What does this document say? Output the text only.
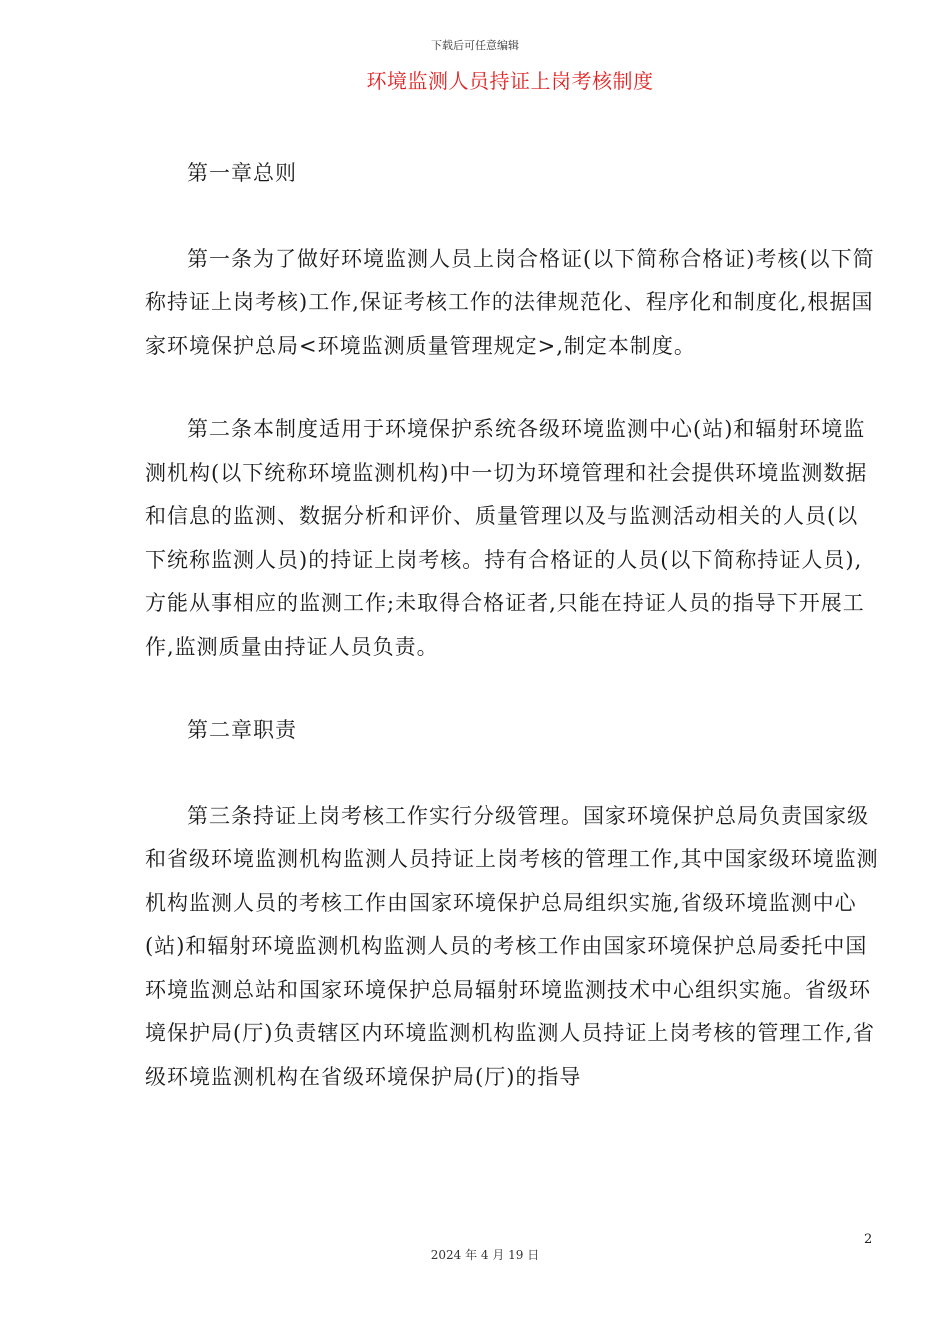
下载后可任意编辑
环境监测人员持证上岗考核制度

第一章总则

第一条为了做好环境监测人员上岗合格证(以下简称合格证)考核(以下简称持证上岗考核)工作,保证考核工作的法律规范化、程序化和制度化,根据国家环境保护总局<环境监测质量管理规定>,制定本制度。

第二条本制度适用于环境保护系统各级环境监测中心(站)和辐射环境监测机构(以下统称环境监测机构)中一切为环境管理和社会提供环境监测数据和信息的监测、数据分析和评价、质量管理以及与监测活动相关的人员(以下统称监测人员)的持证上岗考核。持有合格证的人员(以下简称持证人员),方能从事相应的监测工作;未取得合格证者,只能在持证人员的指导下开展工作,监测质量由持证人员负责。

第二章职责

第三条持证上岗考核工作实行分级管理。国家环境保护总局负责国家级和省级环境监测机构监测人员持证上岗考核的管理工作,其中国家级环境监测机构监测人员的考核工作由国家环境保护总局组织实施,省级环境监测中心(站)和辐射环境监测机构监测人员的考核工作由国家环境保护总局委托中国环境监测总站和国家环境保护总局辐射环境监测技术中心组织实施。省级环境保护局(厅)负责辖区内环境监测机构监测人员持证上岗考核的管理工作,省级环境监测机构在省级环境保护局(厅)的指导

2
2024 年 4 月 19 日
